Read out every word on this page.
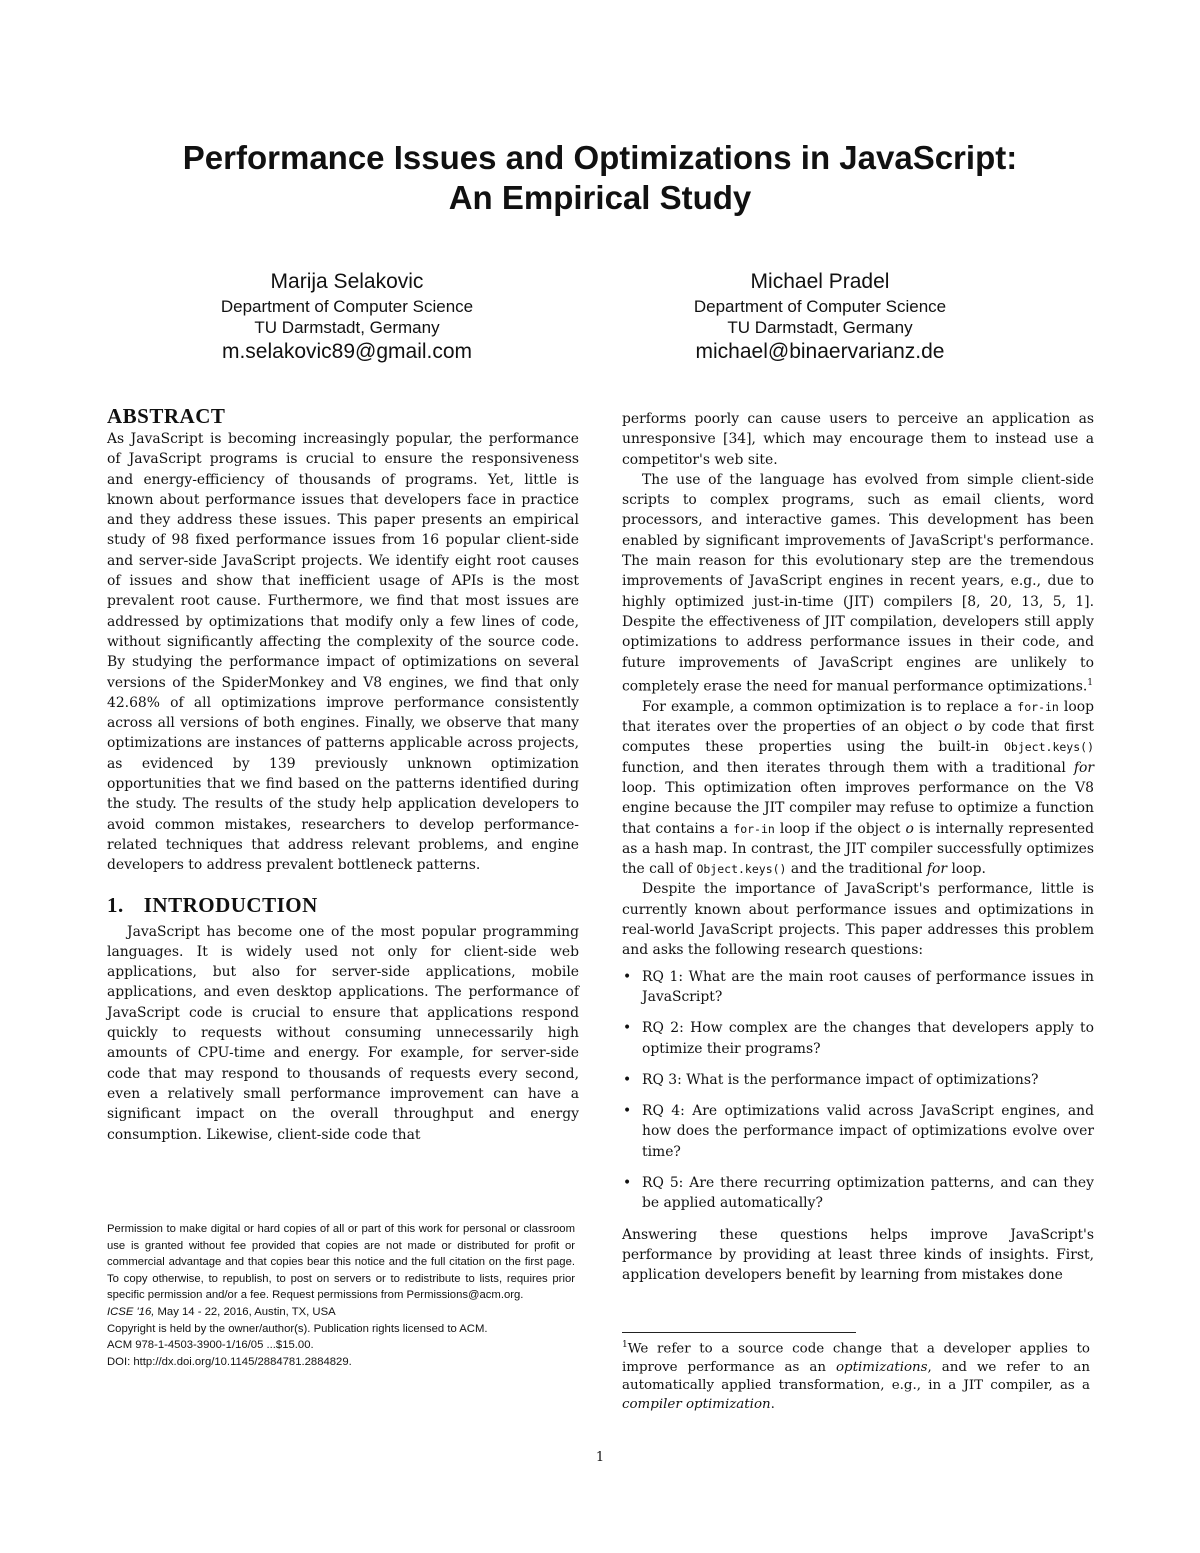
Performance Issues and Optimizations in JavaScript:
An Empirical Study
Marija Selakovic
Department of Computer Science
TU Darmstadt, Germany
m.selakovic89@gmail.com
Michael Pradel
Department of Computer Science
TU Darmstadt, Germany
michael@binaervarianz.de
ABSTRACT

As JavaScript is becoming increasingly popular, the performance of JavaScript programs is crucial to ensure the responsiveness and energy-efficiency of thousands of programs. Yet, little is known about performance issues that developers face in practice and they address these issues. This paper presents an empirical study of 98 fixed performance issues from 16 popular client-side and server-side JavaScript projects. We identify eight root causes of issues and show that inefficient usage of APIs is the most prevalent root cause. Furthermore, we find that most issues are addressed by optimizations that modify only a few lines of code, without significantly affecting the complexity of the source code. By studying the performance impact of optimizations on several versions of the SpiderMonkey and V8 engines, we find that only 42.68% of all optimizations improve performance consistently across all versions of both engines. Finally, we observe that many optimizations are instances of patterns applicable across projects, as evidenced by 139 previously unknown optimization opportunities that we find based on the patterns identified during the study. The results of the study help application developers to avoid common mistakes, researchers to develop performance-related techniques that address relevant problems, and engine developers to address prevalent bottleneck patterns.

1. INTRODUCTION

JavaScript has become one of the most popular programming languages. It is widely used not only for client-side web applications, but also for server-side applications, mobile applications, and even desktop applications. The performance of JavaScript code is crucial to ensure that applications respond quickly to requests without consuming unnecessarily high amounts of CPU-time and energy. For example, for server-side code that may respond to thousands of requests every second, even a relatively small performance improvement can have a significant impact on the overall throughput and energy consumption. Likewise, client-side code that

Permission to make digital or hard copies of all or part of this work for personal or classroom use is granted without fee provided that copies are not made or distributed for profit or commercial advantage and that copies bear this notice and the full citation on the first page. To copy otherwise, to republish, to post on servers or to redistribute to lists, requires prior specific permission and/or a fee. Request permissions from Permissions@acm.org.

ICSE '16, May 14 - 22, 2016, Austin, TX, USA

Copyright is held by the owner/author(s). Publication rights licensed to ACM.

ACM 978-1-4503-3900-1/16/05 ...$15.00.

DOI: http://dx.doi.org/10.1145/2884781.2884829.

performs poorly can cause users to perceive an application as unresponsive [34], which may encourage them to instead use a competitor's web site.

The use of the language has evolved from simple client-side scripts to complex programs, such as email clients, word processors, and interactive games. This development has been enabled by significant improvements of JavaScript's performance. The main reason for this evolutionary step are the tremendous improvements of JavaScript engines in recent years, e.g., due to highly optimized just-in-time (JIT) compilers [8, 20, 13, 5, 1]. Despite the effectiveness of JIT compilation, developers still apply optimizations to address performance issues in their code, and future improvements of JavaScript engines are unlikely to completely erase the need for manual performance optimizations.$^1$

For example, a common optimization is to replace a for-in loop that iterates over the properties of an object o by code that first computes these properties using the built-in Object.keys() function, and then iterates through them with a traditional for loop. This optimization often improves performance on the V8 engine because the JIT compiler may refuse to optimize a function that contains a for-in loop if the object o is internally represented as a hash map. In contrast, the JIT compiler successfully optimizes the call of Object.keys() and the traditional for loop.

Despite the importance of JavaScript's performance, little is currently known about performance issues and optimizations in real-world JavaScript projects. This paper addresses this problem and asks the following research questions:

• RQ 1: What are the main root causes of performance issues in JavaScript?
• RQ 2: How complex are the changes that developers apply to optimize their programs?
• RQ 3: What is the performance impact of optimizations?
• RQ 4: Are optimizations valid across JavaScript engines, and how does the performance impact of optimizations evolve over time?
• RQ 5: Are there recurring optimization patterns, and can they be applied automatically?

Answering these questions helps improve JavaScript's performance by providing at least three kinds of insights. First, application developers benefit by learning from mistakes done

$^1$We refer to a source code change that a developer applies to improve performance as an optimizations, and we refer to an automatically applied transformation, e.g., in a JIT compiler, as a compiler optimization.
1
